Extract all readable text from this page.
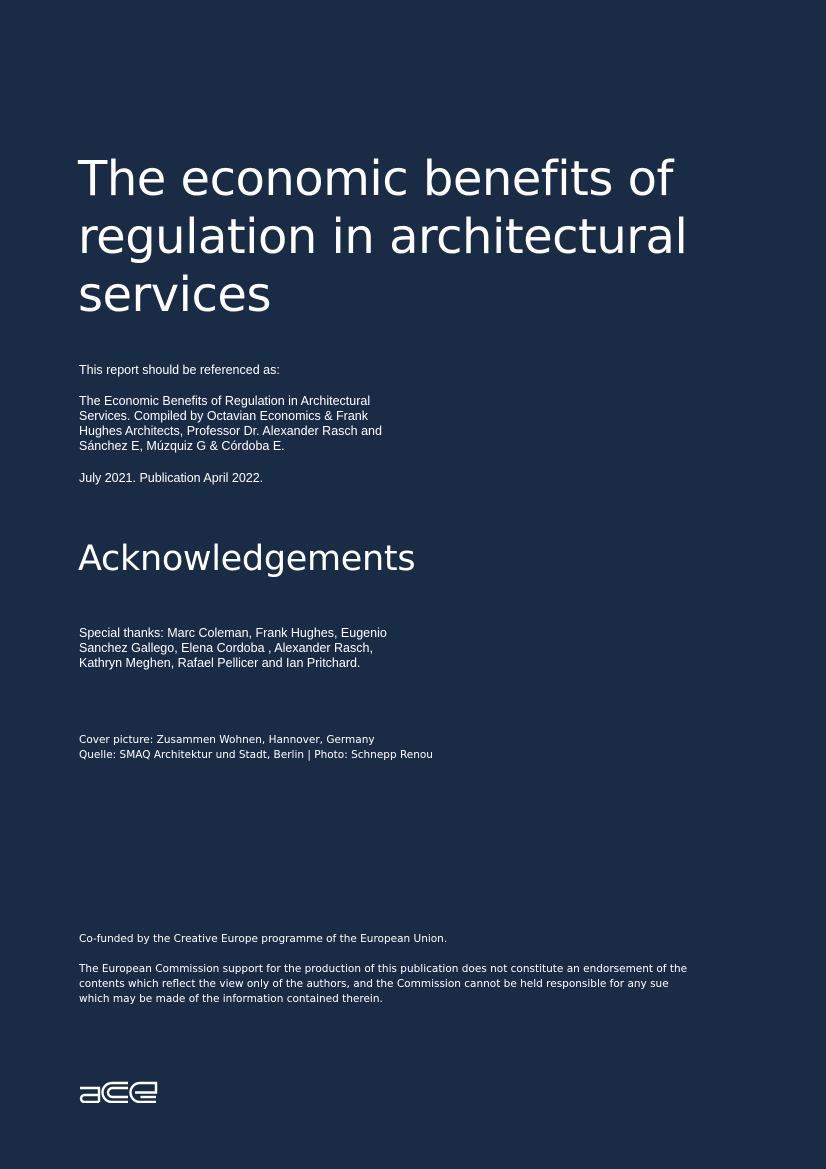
The economic benefits of
regulation in architectural
services

This report should be referenced as:

The Economic Benefits of Regulation in Architectural
Services. Compiled by Octavian Economics & Frank
Hughes Architects, Professor Dr. Alexander Rasch and
Sánchez E, Múzquiz G & Córdoba E.

July 2021. Publication April 2022.

Acknowledgements

Special thanks: Marc Coleman, Frank Hughes, Eugenio
Sanchez Gallego, Elena Cordoba , Alexander Rasch,
Kathryn Meghen, Rafael Pellicer and Ian Pritchard.

Cover picture: Zusammen Wohnen, Hannover, Germany
Quelle: SMAQ Architektur und Stadt, Berlin | Photo: Schnepp Renou

Co-funded by the Creative Europe programme of the European Union.

The European Commission support for the production of this publication does not constitute an endorsement of the
contents which reflect the view only of the authors, and the Commission cannot be held responsible for any sue
which may be made of the information contained therein.
